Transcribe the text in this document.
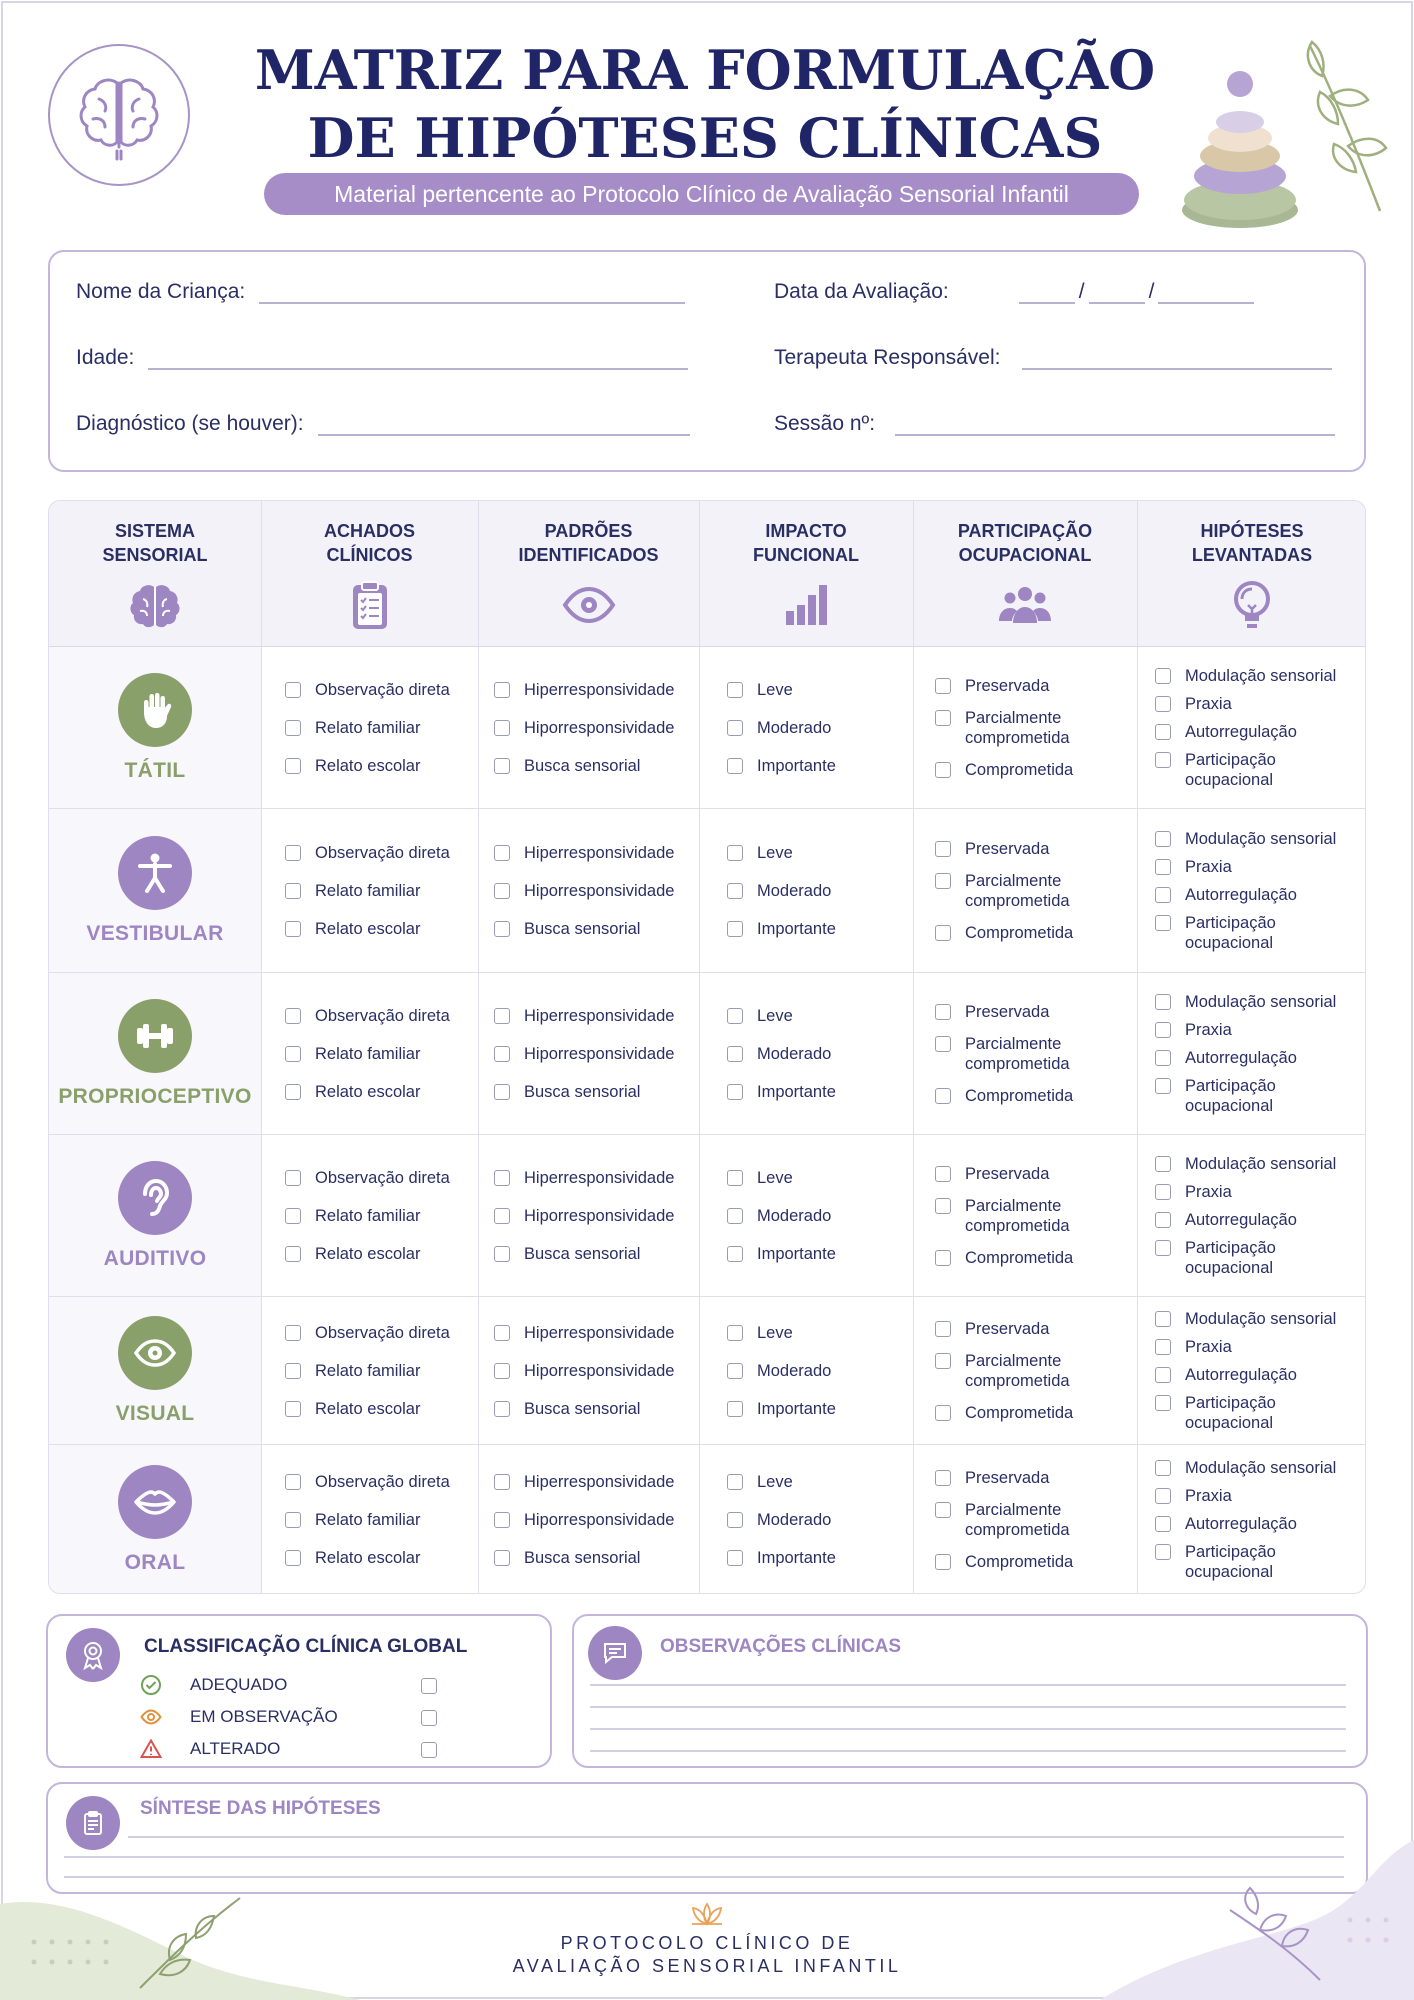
MATRIZ PARA FORMULAÇÃO
DE HIPÓTESES CLÍNICAS
Material pertencente ao Protocolo Clínico de Avaliação Sensorial Infantil
Nome da Criança:
Idade:
Diagnóstico (se houver):
Data da Avaliação:	/	/
Terapeuta Responsável:
Sessão nº:
SISTEMA
SENSORIAL
ACHADOS
CLÍNICOS
PADRÕES
IDENTIFICADOS
IMPACTO
FUNCIONAL
PARTICIPAÇÃO
OCUPACIONAL
HIPÓTESES
LEVANTADAS
TÁTIL
Observação direta
Relato familiar
Relato escolar
Hiperresponsividade
Hiporresponsividade
Busca sensorial
Leve
Moderado
Importante
Preservada
Parcialmente
comprometida
Comprometida
Modulação sensorial
Praxia
Autorregulação
Participação
ocupacional
VESTIBULAR
Observação direta
Relato familiar
Relato escolar
Hiperresponsividade
Hiporresponsividade
Busca sensorial
Leve
Moderado
Importante
Preservada
Parcialmente
comprometida
Comprometida
Modulação sensorial
Praxia
Autorregulação
Participação
ocupacional
PROPRIOCEPTIVO
Observação direta
Relato familiar
Relato escolar
Hiperresponsividade
Hiporresponsividade
Busca sensorial
Leve
Moderado
Importante
Preservada
Parcialmente
comprometida
Comprometida
Modulação sensorial
Praxia
Autorregulação
Participação
ocupacional
AUDITIVO
Observação direta
Relato familiar
Relato escolar
Hiperresponsividade
Hiporresponsividade
Busca sensorial
Leve
Moderado
Importante
Preservada
Parcialmente
comprometida
Comprometida
Modulação sensorial
Praxia
Autorregulação
Participação
ocupacional
VISUAL
Observação direta
Relato familiar
Relato escolar
Hiperresponsividade
Hiporresponsividade
Busca sensorial
Leve
Moderado
Importante
Preservada
Parcialmente
comprometida
Comprometida
Modulação sensorial
Praxia
Autorregulação
Participação
ocupacional
ORAL
Observação direta
Relato familiar
Relato escolar
Hiperresponsividade
Hiporresponsividade
Busca sensorial
Leve
Moderado
Importante
Preservada
Parcialmente
comprometida
Comprometida
Modulação sensorial
Praxia
Autorregulação
Participação
ocupacional
CLASSIFICAÇÃO CLÍNICA GLOBAL
ADEQUADO
EM OBSERVAÇÃO
ALTERADO
OBSERVAÇÕES CLÍNICAS
SÍNTESE DAS HIPÓTESES
PROTOCOLO CLÍNICO DE
AVALIAÇÃO SENSORIAL INFANTIL
